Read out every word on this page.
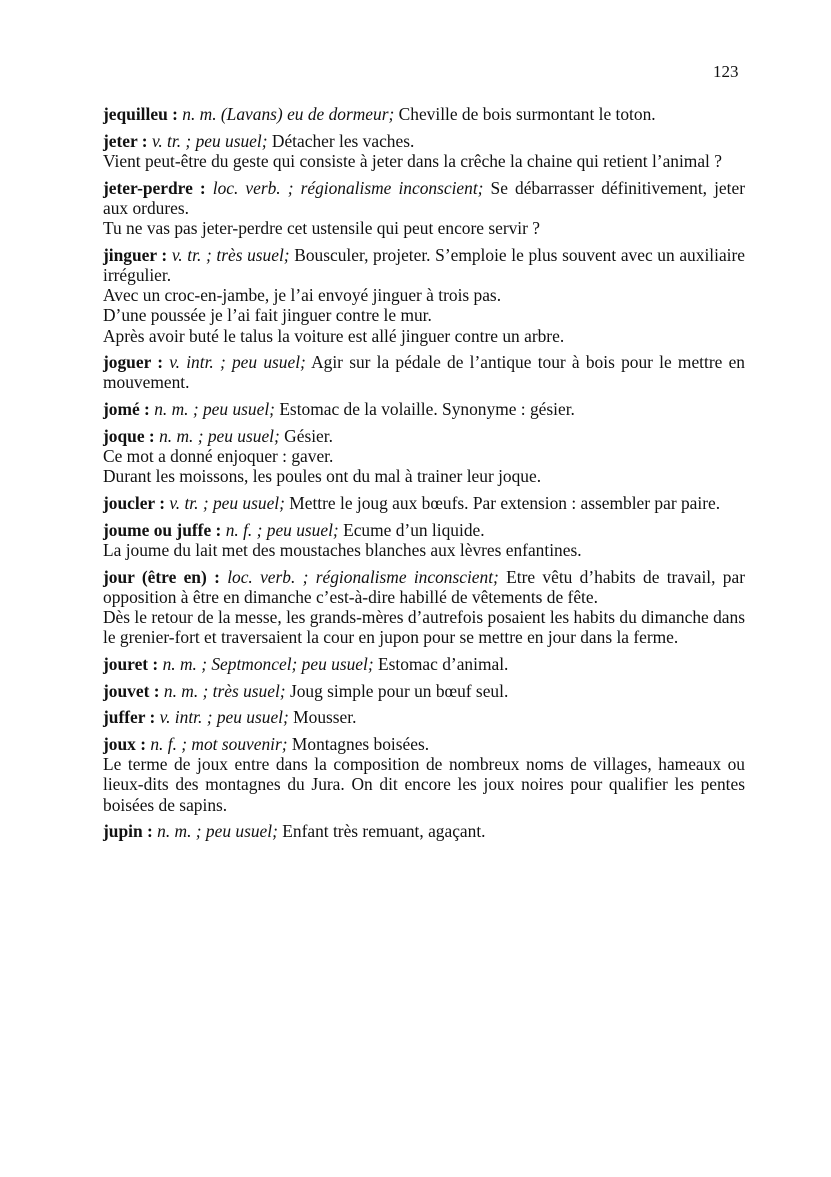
123

jequilleu : n. m. (Lavans) eu de dormeur; Cheville de bois surmontant le toton.

jeter : v. tr. ; peu usuel; Détacher les vaches.

Vient peut-être du geste qui consiste à jeter dans la crêche la chaine qui retient l’animal ?

jeter-perdre : loc. verb. ; régionalisme inconscient; Se débarrasser définitivement, jeter aux ordures.

Tu ne vas pas jeter-perdre cet ustensile qui peut encore servir ?

jinguer : v. tr. ; très usuel; Bousculer, projeter. S’emploie le plus souvent avec un auxiliaire irrégulier.

Avec un croc-en-jambe, je l’ai envoyé jinguer à trois pas.

D’une poussée je l’ai fait jinguer contre le mur.

Après avoir buté le talus la voiture est allé jinguer contre un arbre.

joguer : v. intr. ; peu usuel; Agir sur la pédale de l’antique tour à bois pour le mettre en mouvement.

jomé : n. m. ; peu usuel; Estomac de la volaille. Synonyme : gésier.

joque : n. m. ; peu usuel; Gésier.

Ce mot a donné enjoquer : gaver.

Durant les moissons, les poules ont du mal à trainer leur joque.

joucler : v. tr. ; peu usuel; Mettre le joug aux bœufs. Par extension : assembler par paire.

joume ou juffe : n. f. ; peu usuel; Ecume d’un liquide.

La joume du lait met des moustaches blanches aux lèvres enfantines.

jour (être en) : loc. verb. ; régionalisme inconscient; Etre vêtu d’habits de travail, par opposition à être en dimanche c’est-à-dire habillé de vêtements de fête.

Dès le retour de la messe, les grands-mères d’autrefois posaient les habits du dimanche dans le grenier-fort et traversaient la cour en jupon pour se mettre en jour dans la ferme.

jouret : n. m. ; Septmoncel; peu usuel; Estomac d’animal.

jouvet : n. m. ; très usuel; Joug simple pour un bœuf seul.

juffer : v. intr. ; peu usuel; Mousser.

joux : n. f. ; mot souvenir; Montagnes boisées.

Le terme de joux entre dans la composition de nombreux noms de villages, hameaux ou lieux-dits des montagnes du Jura. On dit encore les joux noires pour qualifier les pentes boisées de sapins.

jupin : n. m. ; peu usuel; Enfant très remuant, agaçant.
